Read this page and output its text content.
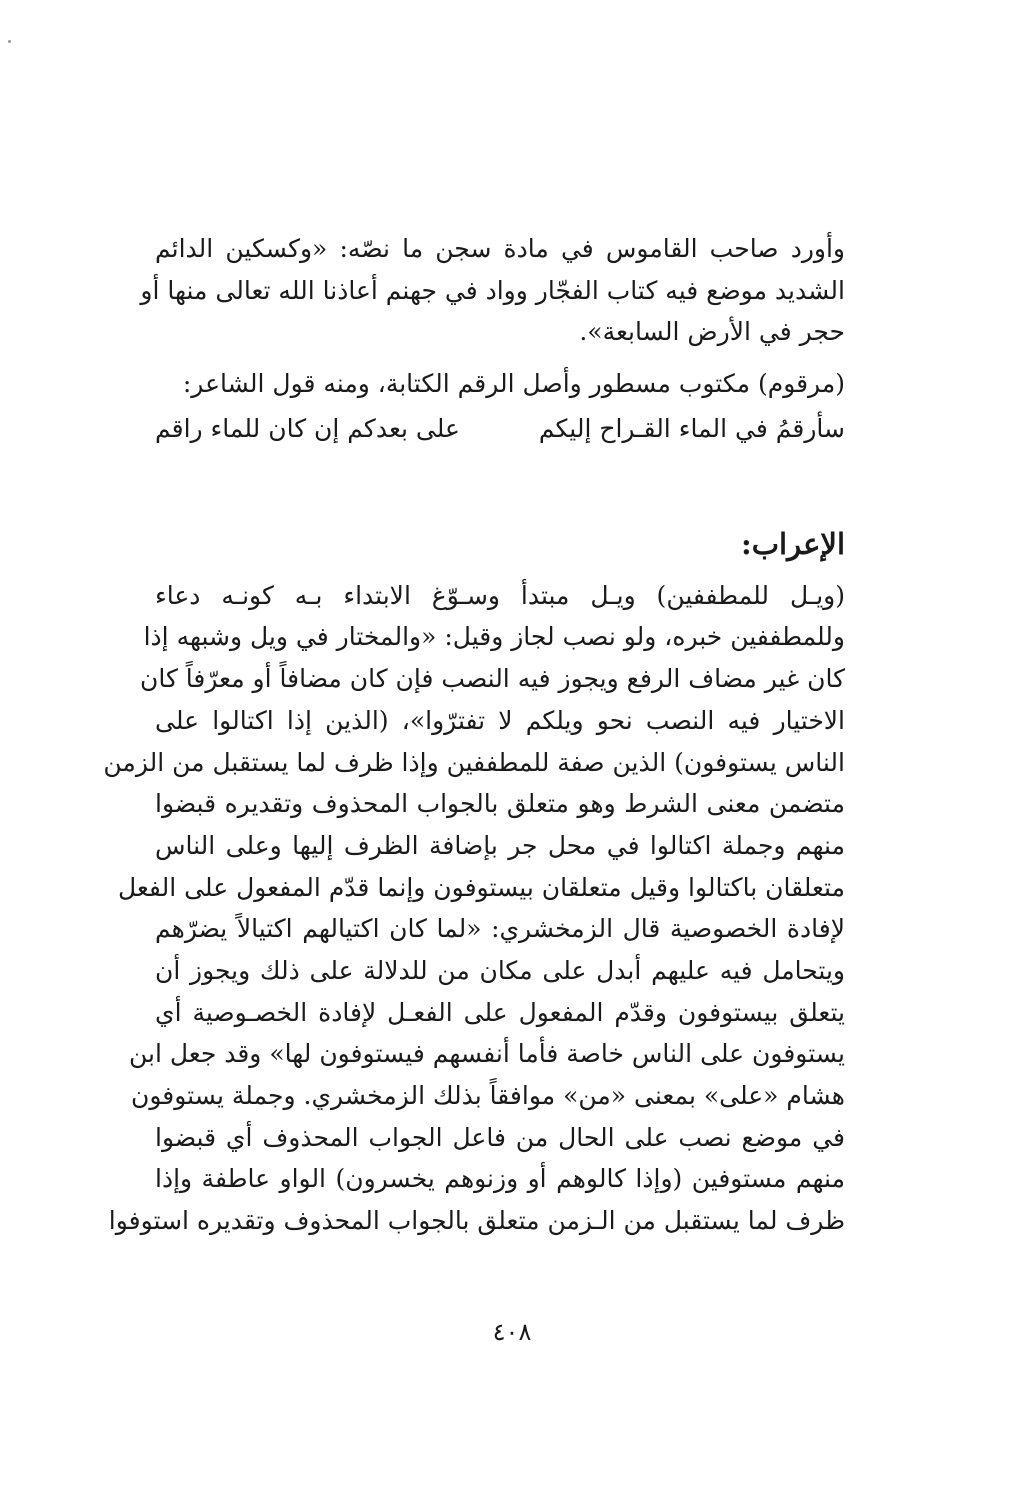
وأورد صاحب القاموس في مادة سجن ما نصّه: «وكسكين الدائم
الشديد موضع فيه كتاب الفجّار وواد في جهنم أعاذنا الله تعالى منها أو
حجر في الأرض السابعة».
(مرقوم) مكتوب مسطور وأصل الرقم الكتابة، ومنه قول الشاعر:
سأرقمُ في الماء القـراح إليكم
على بعدكم إن كان للماء راقم
الإعراب:
(ويـل للمطففين) ويـل مبتدأ وسـوّغ الابتداء بـه كونـه دعاء
وللمطففين خبره، ولو نصب لجاز وقيل: «والمختار في ويل وشبهه إذا
كان غير مضاف الرفع ويجوز فيه النصب فإن كان مضافاً أو معرّفاً كان
الاختيار فيه النصب نحو ويلكم لا تفترّوا»، (الذين إذا اكتالوا على
الناس يستوفون) الذين صفة للمطففين وإذا ظرف لما يستقبل من الزمن
متضمن معنى الشرط وهو متعلق بالجواب المحذوف وتقديره قبضوا
منهم وجملة اكتالوا في محل جر بإضافة الظرف إليها وعلى الناس
متعلقان باكتالوا وقيل متعلقان بيستوفون وإنما قدّم المفعول على الفعل
لإفادة الخصوصية قال الزمخشري: «لما كان اكتيالهم اكتيالاً يضرّهم
ويتحامل فيه عليهم أبدل على مكان من للدلالة على ذلك ويجوز أن
يتعلق بيستوفون وقدّم المفعول على الفعـل لإفادة الخصـوصية أي
يستوفون على الناس خاصة فأما أنفسهم فيستوفون لها» وقد جعل ابن
هشام «على» بمعنى «من» موافقاً بذلك الزمخشري. وجملة يستوفون
في موضع نصب على الحال من فاعل الجواب المحذوف أي قبضوا
منهم مستوفين (وإذا كالوهم أو وزنوهم يخسرون) الواو عاطفة وإذا
ظرف لما يستقبل من الـزمن متعلق بالجواب المحذوف وتقديره استوفوا
٤٠٨
